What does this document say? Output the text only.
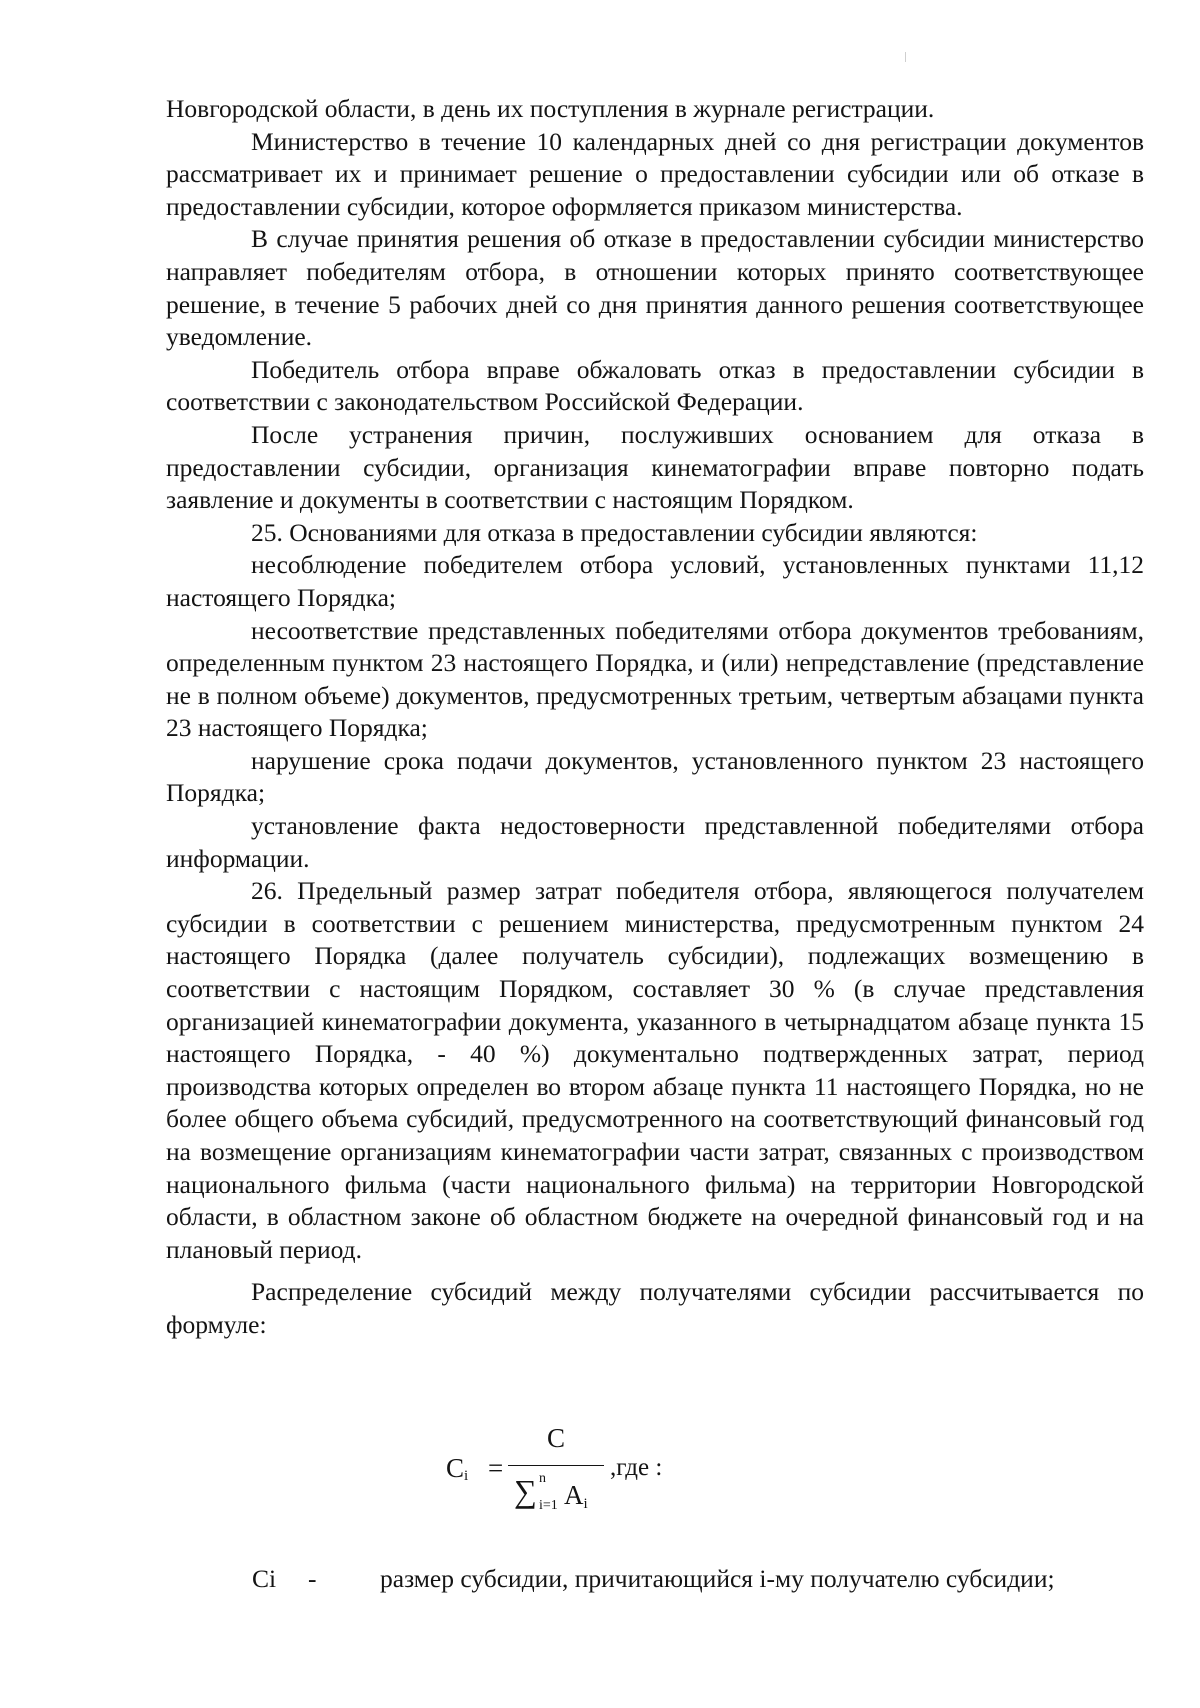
Новгородской области, в день их поступления в журнале регистрации.

Министерство в течение 10 календарных дней со дня регистрации документов рассматривает их и принимает решение о предоставлении субсидии или об отказе в предоставлении субсидии, которое оформляется приказом министерства.

В случае принятия решения об отказе в предоставлении субсидии министерство направляет победителям отбора, в отношении которых принято соответствующее решение, в течение 5 рабочих дней со дня принятия данного решения соответствующее уведомление.

Победитель отбора вправе обжаловать отказ в предоставлении субсидии в соответствии с законодательством Российской Федерации.

После устранения причин, послуживших основанием для отказа в предоставлении субсидии, организация кинематографии вправе повторно подать заявление и документы в соответствии с настоящим Порядком.

25. Основаниями для отказа в предоставлении субсидии являются:

несоблюдение победителем отбора условий, установленных пунктами 11,12 настоящего Порядка;

несоответствие представленных победителями отбора документов требованиям, определенным пунктом 23 настоящего Порядка, и (или) непредставление (представление не в полном объеме) документов, предусмотренных третьим, четвертым абзацами пункта 23 настоящего Порядка;

нарушение срока подачи документов, установленного пунктом 23 настоящего Порядка;

установление факта недостоверности представленной победителями отбора информации.

26. Предельный размер затрат победителя отбора, являющегося получателем субсидии в соответствии с решением министерства, предусмотренным пунктом 24 настоящего Порядка (далее получатель субсидии), подлежащих возмещению в соответствии с настоящим Порядком, составляет 30 % (в случае представления организацией кинематографии документа, указанного в четырнадцатом абзаце пункта 15 настоящего Порядка, - 40 %) документально подтвержденных затрат, период производства которых определен во втором абзаце пункта 11 настоящего Порядка, но не более общего объема субсидий, предусмотренного на соответствующий финансовый год на возмещение организациям кинематографии части затрат, связанных с производством национального фильма (части национального фильма) на территории Новгородской области, в областном законе об областном бюджете на очередной финансовый год и на плановый период.

Распределение субсидий между получателями субсидии рассчитывается по формуле:

$C_i$ =
C
∑ n
i=1 $A_i$
,где :
Ci - размер субсидии, причитающийся i-му получателю субсидии;
